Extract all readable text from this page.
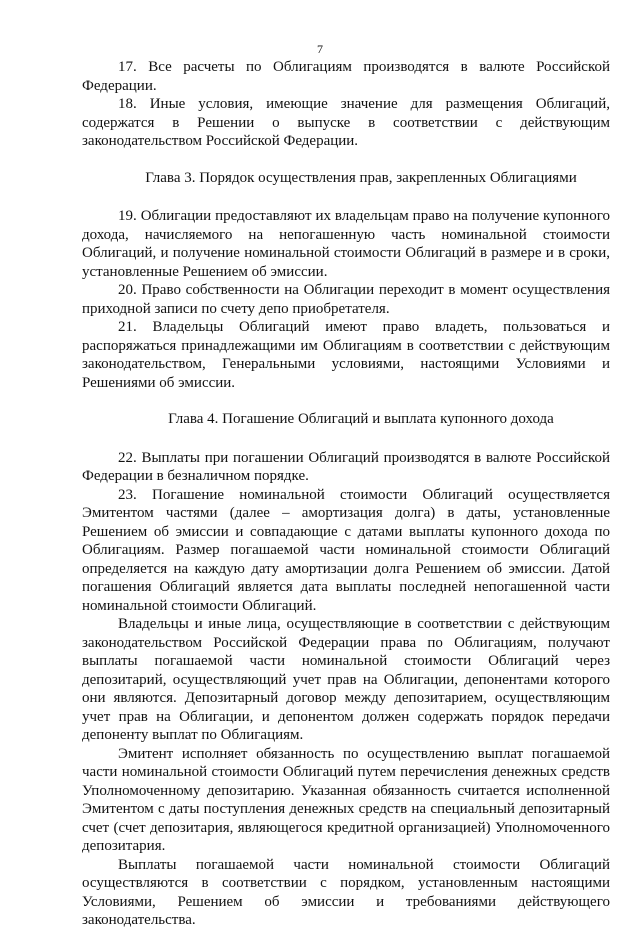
7

17. Все расчеты по Облигациям производятся в валюте Российской Федерации.

18. Иные условия, имеющие значение для размещения Облигаций, содержатся в Решении о выпуске в соответствии с действующим законодательством Российской Федерации.

Глава 3. Порядок осуществления прав, закрепленных Облигациями

19. Облигации предоставляют их владельцам право на получение купонного дохода, начисляемого на непогашенную часть номинальной стоимости Облигаций, и получение номинальной стоимости Облигаций в размере и в сроки, установленные Решением об эмиссии.

20. Право собственности на Облигации переходит в момент осуществления приходной записи по счету депо приобретателя.

21. Владельцы Облигаций имеют право владеть, пользоваться и распоряжаться принадлежащими им Облигациям в соответствии с действующим законодательством, Генеральными условиями, настоящими Условиями и Решениями об эмиссии.

Глава 4. Погашение Облигаций и выплата купонного дохода

22. Выплаты при погашении Облигаций производятся в валюте Российской Федерации в безналичном порядке.

23. Погашение номинальной стоимости Облигаций осуществляется Эмитентом частями (далее – амортизация долга) в даты, установленные Решением об эмиссии и совпадающие с датами выплаты купонного дохода по Облигациям. Размер погашаемой части номинальной стоимости Облигаций определяется на каждую дату амортизации долга Решением об эмиссии. Датой погашения Облигаций является дата выплаты последней непогашенной части номинальной стоимости Облигаций.

Владельцы и иные лица, осуществляющие в соответствии с действующим законодательством Российской Федерации права по Облигациям, получают выплаты погашаемой части номинальной стоимости Облигаций через депозитарий, осуществляющий учет прав на Облигации, депонентами которого они являются. Депозитарный договор между депозитарием, осуществляющим учет прав на Облигации, и депонентом должен содержать порядок передачи депоненту выплат по Облигациям.

Эмитент исполняет обязанность по осуществлению выплат погашаемой части номинальной стоимости Облигаций путем перечисления денежных средств Уполномоченному депозитарию. Указанная обязанность считается исполненной Эмитентом с даты поступления денежных средств на специальный депозитарный счет (счет депозитария, являющегося кредитной организацией) Уполномоченного депозитария.

Выплаты погашаемой части номинальной стоимости Облигаций осуществляются в соответствии с порядком, установленным настоящими Условиями, Решением об эмиссии и требованиями действующего законодательства.
